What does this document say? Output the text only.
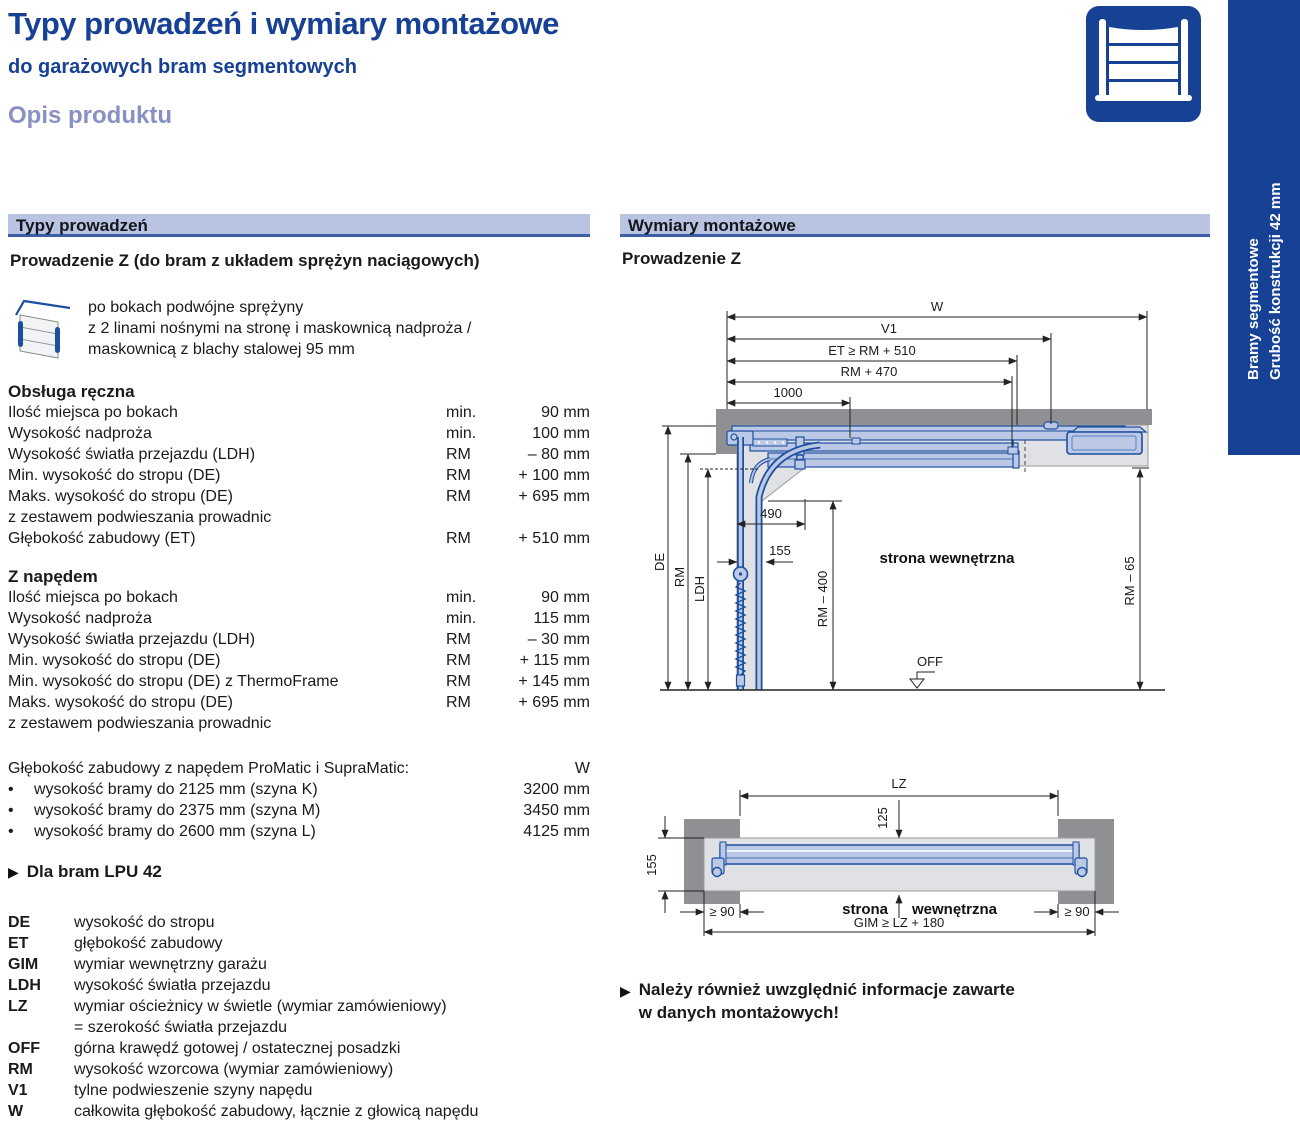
Typy prowadzeń i wymiary montażowe
do garażowych bram segmentowych
Opis produktu
Bramy segmentowe Grubość konstrukcji 42 mm
Typy prowadzeń
Prowadzenie Z (do bram z układem sprężyn naciągowych)
po bokach podwójne sprężyny
z 2 linami nośnymi na stronę i maskownicą nadproża /
maskownicą z blachy stalowej 95 mm
Obsługa ręczna
Ilość miejsca po bokach	min.	90 mm
Wysokość nadproża	min.	100 mm
Wysokość światła przejazdu (LDH)	RM	– 80 mm
Min. wysokość do stropu (DE)	RM	+ 100 mm
Maks. wysokość do stropu (DE)	RM	+ 695 mm
z zestawem podwieszania prowadnic
Głębokość zabudowy (ET)	RM	+ 510 mm
Z napędem
Ilość miejsca po bokach	min.	90 mm
Wysokość nadproża	min.	115 mm
Wysokość światła przejazdu (LDH)	RM	– 30 mm
Min. wysokość do stropu (DE)	RM	+ 115 mm
Min. wysokość do stropu (DE) z ThermoFrame	RM	+ 145 mm
Maks. wysokość do stropu (DE)	RM	+ 695 mm
z zestawem podwieszania prowadnic
Głębokość zabudowy z napędem ProMatic i SupraMatic:	W
•	wysokość bramy do 2125 mm (szyna K)	3200 mm
•	wysokość bramy do 2375 mm (szyna M)	3450 mm
•	wysokość bramy do 2600 mm (szyna L)	4125 mm
▶ Dla bram LPU 42
DE	wysokość do stropu
ET	głębokość zabudowy
GIM	wymiar wewnętrzny garażu
LDH	wysokość światła przejazdu
LZ	wymiar ościeżnicy w świetle (wymiar zamówieniowy)
= szerokość światła przejazdu
OFF	górna krawędź gotowej / ostatecznej posadzki
RM	wysokość wzorcowa (wymiar zamówieniowy)
V1	tylne podwieszenie szyny napędu
W	całkowita głębokość zabudowy, łącznie z głowicą napędu
Wymiary montażowe
Prowadzenie Z
W
V1
ET ≥ RM + 510
RM + 470
1000
DE
RM LDH
490
155
RM – 400	RM – 65
strona wewnętrzna
OFF
LZ
125
155
≥ 90	≥ 90
GIM ≥ LZ + 180
strona wewnętrzna
▶ Należy również uwzględnić informacje zawarte
w danych montażowych!
